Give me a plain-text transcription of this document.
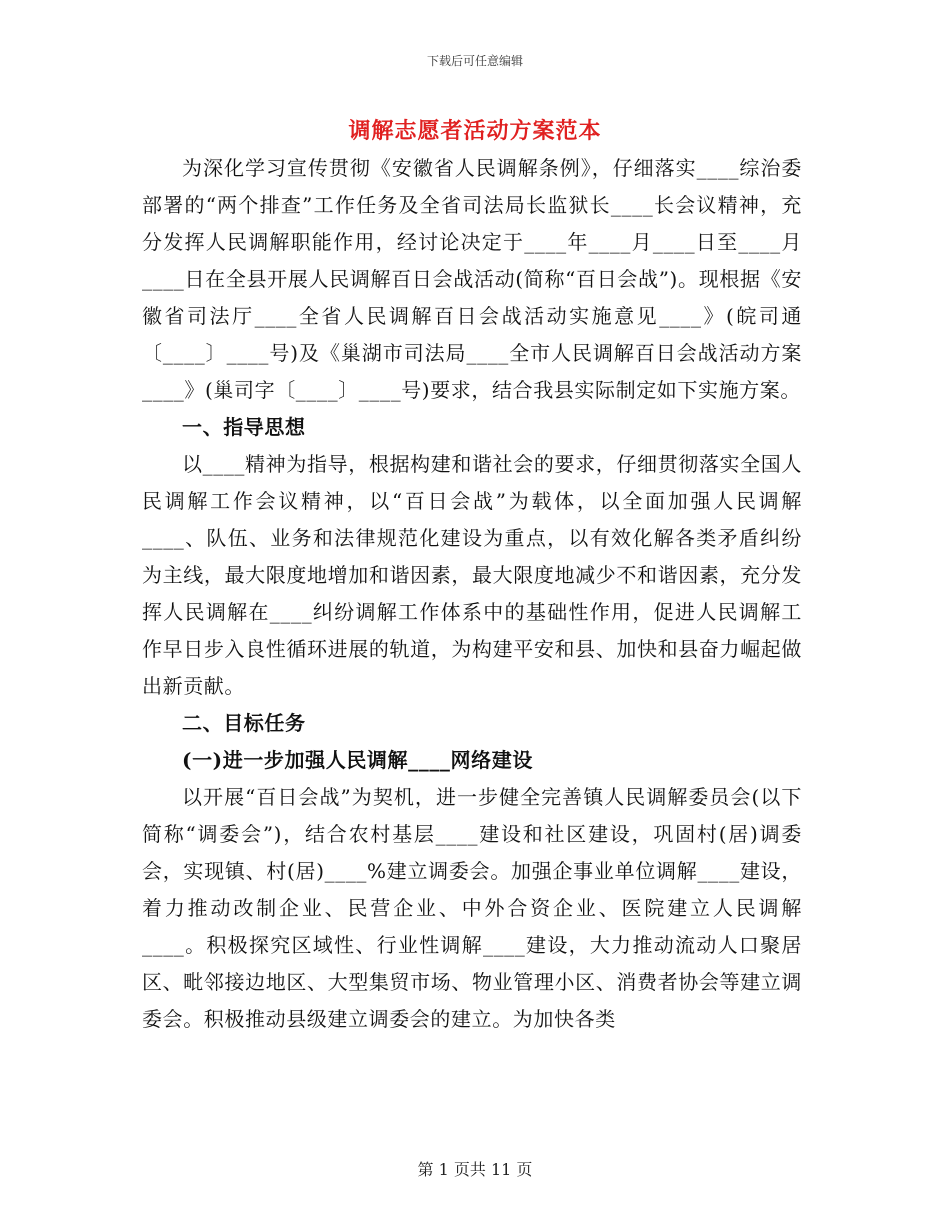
下载后可任意编辑
调解志愿者活动方案范本

为深化学习宣传贯彻《安徽省人民调解条例》，仔细落实____综治委部署的“两个排查”工作任务及全省司法局长监狱长____长会议精神，充分发挥人民调解职能作用，经讨论决定于____年____月____日至____月____日在全县开展人民调解百日会战活动(简称“百日会战”)。现根据《安徽省司法厅____全省人民调解百日会战活动实施意见____》(皖司通〔____〕____号)及《巢湖市司法局____全市人民调解百日会战活动方案____》(巢司字〔____〕____号)要求，结合我县实际制定如下实施方案。

一、指导思想

以____精神为指导，根据构建和谐社会的要求，仔细贯彻落实全国人民调解工作会议精神，以“百日会战”为载体，以全面加强人民调解____、队伍、业务和法律规范化建设为重点，以有效化解各类矛盾纠纷为主线，最大限度地增加和谐因素，最大限度地减少不和谐因素，充分发挥人民调解在____纠纷调解工作体系中的基础性作用，促进人民调解工作早日步入良性循环进展的轨道，为构建平安和县、加快和县奋力崛起做出新贡献。

二、目标任务
(一)进一步加强人民调解____网络建设

以开展“百日会战”为契机，进一步健全完善镇人民调解委员会(以下简称“调委会”)，结合农村基层____建设和社区建设，巩固村(居)调委会，实现镇、村(居)____%建立调委会。加强企事业单位调解____建设，着力推动改制企业、民营企业、中外合资企业、医院建立人民调解____。积极探究区域性、行业性调解____建设，大力推动流动人口聚居区、毗邻接边地区、大型集贸市场、物业管理小区、消费者协会等建立调委会。积极推动县级建立调委会的建立。为加快各类

第 1 页共 11 页
